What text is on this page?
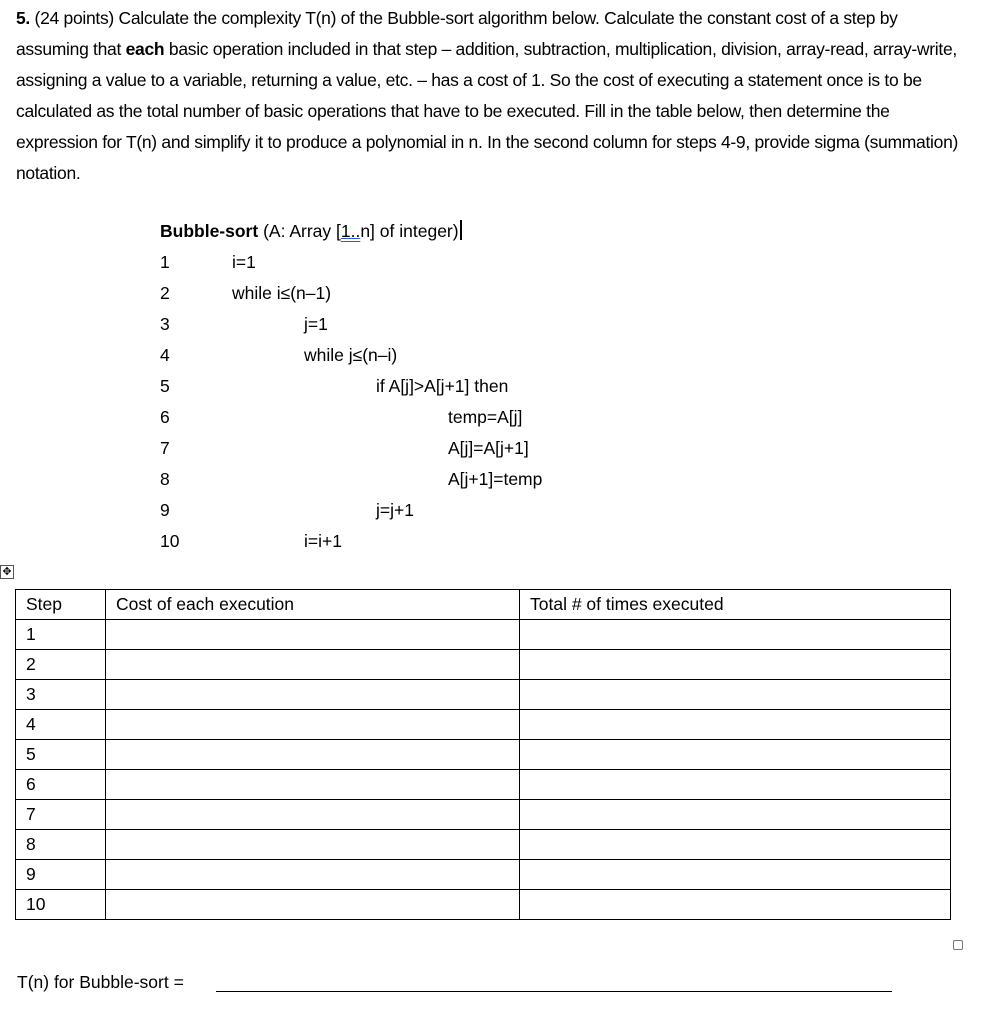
5. (24 points) Calculate the complexity T(n) of the Bubble-sort algorithm below. Calculate the constant cost of a step by assuming that each basic operation included in that step – addition, subtraction, multiplication, division, array-read, array-write, assigning a value to a variable, returning a value, etc. – has a cost of 1. So the cost of executing a statement once is to be calculated as the total number of basic operations that have to be executed. Fill in the table below, then determine the expression for T(n) and simplify it to produce a polynomial in n. In the second column for steps 4-9, provide sigma (summation) notation.
Bubble-sort (A: Array [1..n] of integer)
1	i=1
2	while i≤(n–1)
3	j=1
4	while j≤(n–i)
5	if A[j]>A[j+1] then
6	temp=A[j]
7	A[j]=A[j+1]
8	A[j+1]=temp
9	j=j+1
10	i=i+1
✥
Step	Cost of each execution	Total # of times executed
1		
2		
3		
4		
5		
6		
7		
8		
9		
10		
T(n) for Bubble-sort =
